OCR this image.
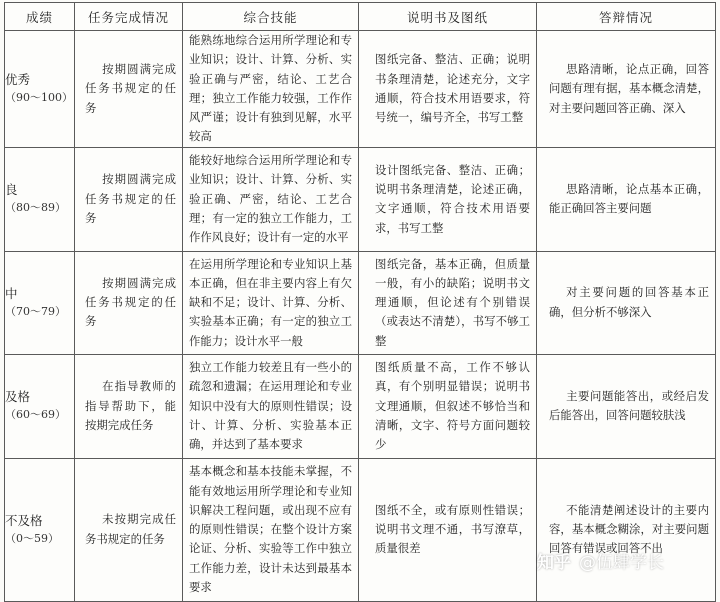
成绩	任务完成情况	综合技能	说明书及图纸	答辩情况

优秀
（90～100）	按期圆满完成任务书规定的任务	能熟练地综合运用所学理论和专业知识；设计、计算、分析、实验正确与严密，结论、工艺合理；独立工作能力较强，工作作风严谨；设计有独到见解，水平较高	图纸完备、整洁、正确；说明书条理清楚，论述充分，文字通顺，符合技术用语要求，符号统一，编号齐全，书写工整	思路清晰，论点正确，回答问题有理有据，基本概念清楚，对主要问题回答正确、深入

良
（80～89）	按期圆满完成任务书规定的任务	能较好地综合运用所学理论和专业知识；设计、计算、分析、实验正确、严密，结论、工艺合理；有一定的独立工作能力，工作作风良好；设计有一定的水平	设计图纸完备、整洁、正确；说明书条理清楚，论述正确，文字通顺，符合技术用语要求，书写工整	思路清晰，论点基本正确，能正确回答主要问题

中
（70～79）	按期圆满完成任务书规定的任务	在运用所学理论和专业知识上基本正确，但在非主要内容上有欠缺和不足；设计、计算、分析、实验基本正确；有一定的独立工作能力；设计水平一般	图纸完备，基本正确，但质量一般，有小的缺陷；说明书文理通顺，但论述有个别错误（或表达不清楚），书写不够工整	对主要问题的回答基本正确，但分析不够深入

及格
（60～69）	在指导教师的指导帮助下，能按期完成任务	独立工作能力较差且有一些小的疏忽和遗漏；在运用理论和专业知识中没有大的原则性错误；设计、计算、分析、实验基本正确，并达到了基本要求	图纸质量不高，工作不够认真，有个别明显错误；说明书文理通顺，但叙述不够恰当和清晰，文字、符号方面问题较少	主要问题能答出，或经启发后能答出，回答问题较肤浅

不及格
（0～59）	未按期完成任务书规定的任务	基本概念和基本技能未掌握，不能有效地运用所学理论和专业知识解决工程问题，或出现不应有的原则性错误；在整个设计方案论证、分析、实验等工作中独立工作能力差，设计未达到最基本要求	图纸不全，或有原则性错误；说明书文理不通，书写潦草，质量很差	不能清楚阐述设计的主要内容，基本概念糊涂，对主要问题回答有错误或回答不出
知乎 @伍肆学长
